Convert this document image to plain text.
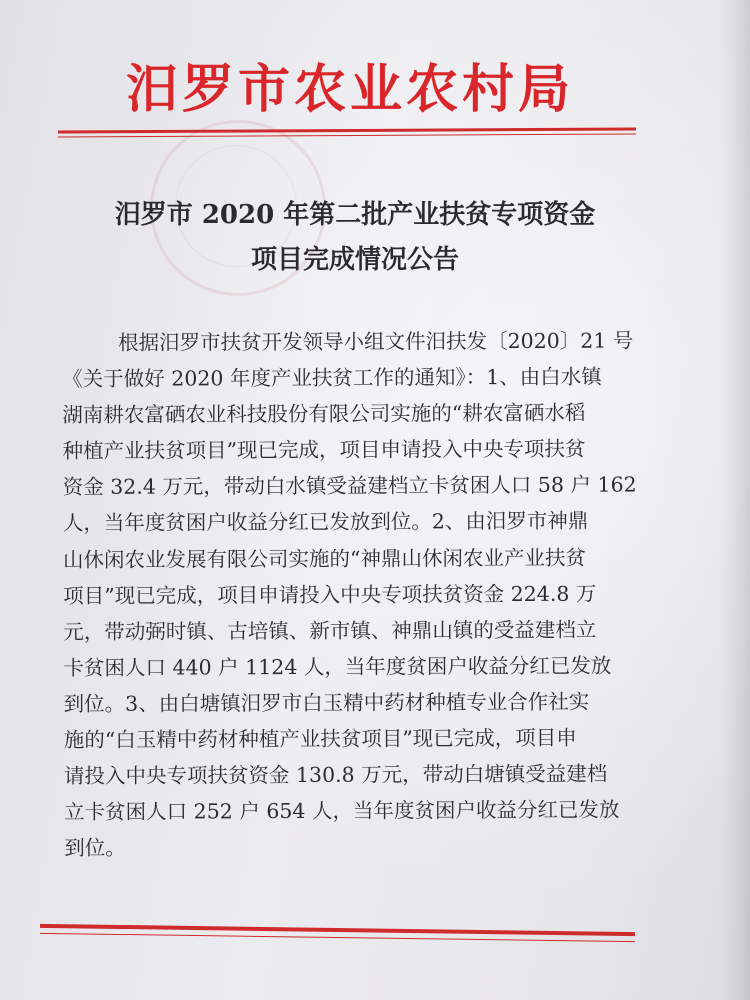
汨罗市农业农村局
汨罗市 2020 年第二批产业扶贫专项资金
项目完成情况公告
根据汨罗市扶贫开发领导小组文件汨扶发〔2020〕21 号
《关于做好 2020 年度产业扶贫工作的通知》：1、由白水镇
湖南耕农富硒农业科技股份有限公司实施的“耕农富硒水稻
种植产业扶贫项目”现已完成，项目申请投入中央专项扶贫
资金 32.4 万元，带动白水镇受益建档立卡贫困人口 58 户 162
人，当年度贫困户收益分红已发放到位。2、由汨罗市神鼎
山休闲农业发展有限公司实施的“神鼎山休闲农业产业扶贫
项目”现已完成，项目申请投入中央专项扶贫资金 224.8 万
元，带动弼时镇、古培镇、新市镇、神鼎山镇的受益建档立
卡贫困人口 440 户 1124 人，当年度贫困户收益分红已发放
到位。3、由白塘镇汨罗市白玉精中药材种植专业合作社实
施的“白玉精中药材种植产业扶贫项目”现已完成，项目申
请投入中央专项扶贫资金 130.8 万元，带动白塘镇受益建档
立卡贫困人口 252 户 654 人，当年度贫困户收益分红已发放
到位。
